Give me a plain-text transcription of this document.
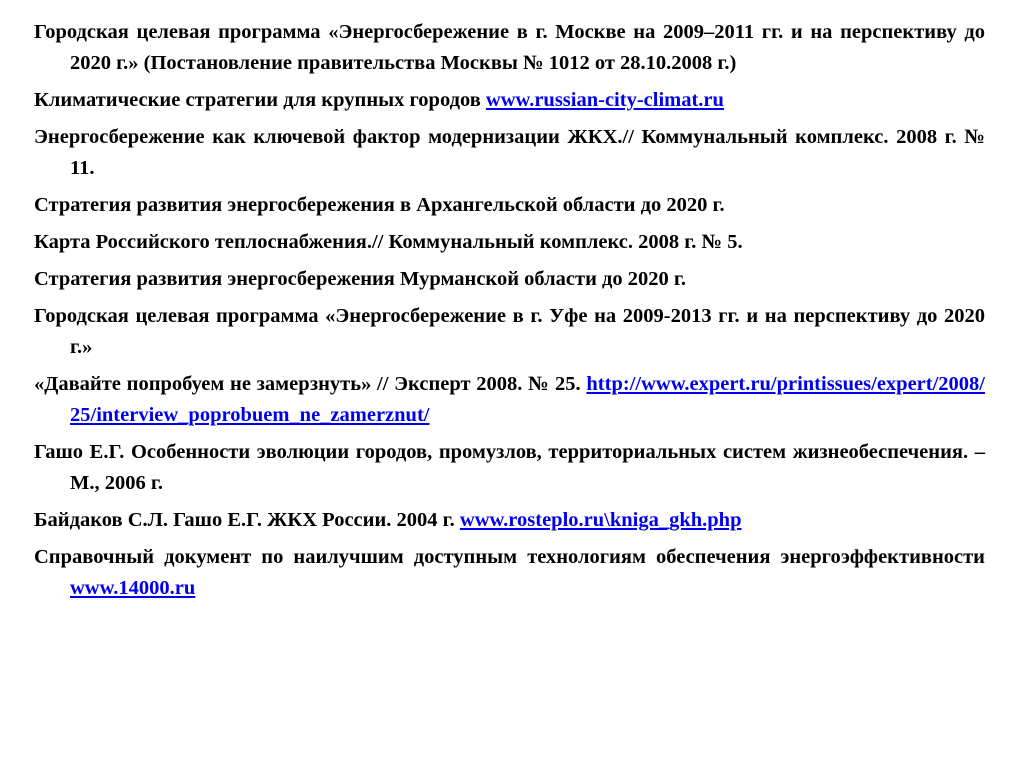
Городская целевая программа «Энергосбережение в г. Москве на 2009–2011 гг. и на перспективу до 2020 г.» (Постановление правительства Москвы № 1012 от 28.10.2008 г.)
Климатические стратегии для крупных городов www.russian-city-climat.ru
Энергосбережение как ключевой фактор модернизации ЖКХ.// Коммунальный комплекс. 2008 г. № 11.
Стратегия развития энергосбережения в Архангельской области до 2020 г.
Карта Российского теплоснабжения.// Коммунальный комплекс. 2008 г. № 5.
Стратегия развития энергосбережения Мурманской области до 2020 г.
Городская целевая программа «Энергосбережение в г. Уфе на 2009-2013 гг. и на перспективу до 2020 г.»
«Давайте попробуем не замерзнуть» // Эксперт 2008. № 25. http://www.expert.ru/printissues/expert/2008/25/interview_poprobuem_ne_zamerznut/
Гашо Е.Г. Особенности эволюции городов, промузлов, территориальных систем жизнеобеспечения. – М., 2006 г.
Байдаков С.Л. Гашо Е.Г. ЖКХ России. 2004 г. www.rosteplo.ru\kniga_gkh.php
Справочный документ по наилучшим доступным технологиям обеспечения энергоэффективности www.14000.ru
